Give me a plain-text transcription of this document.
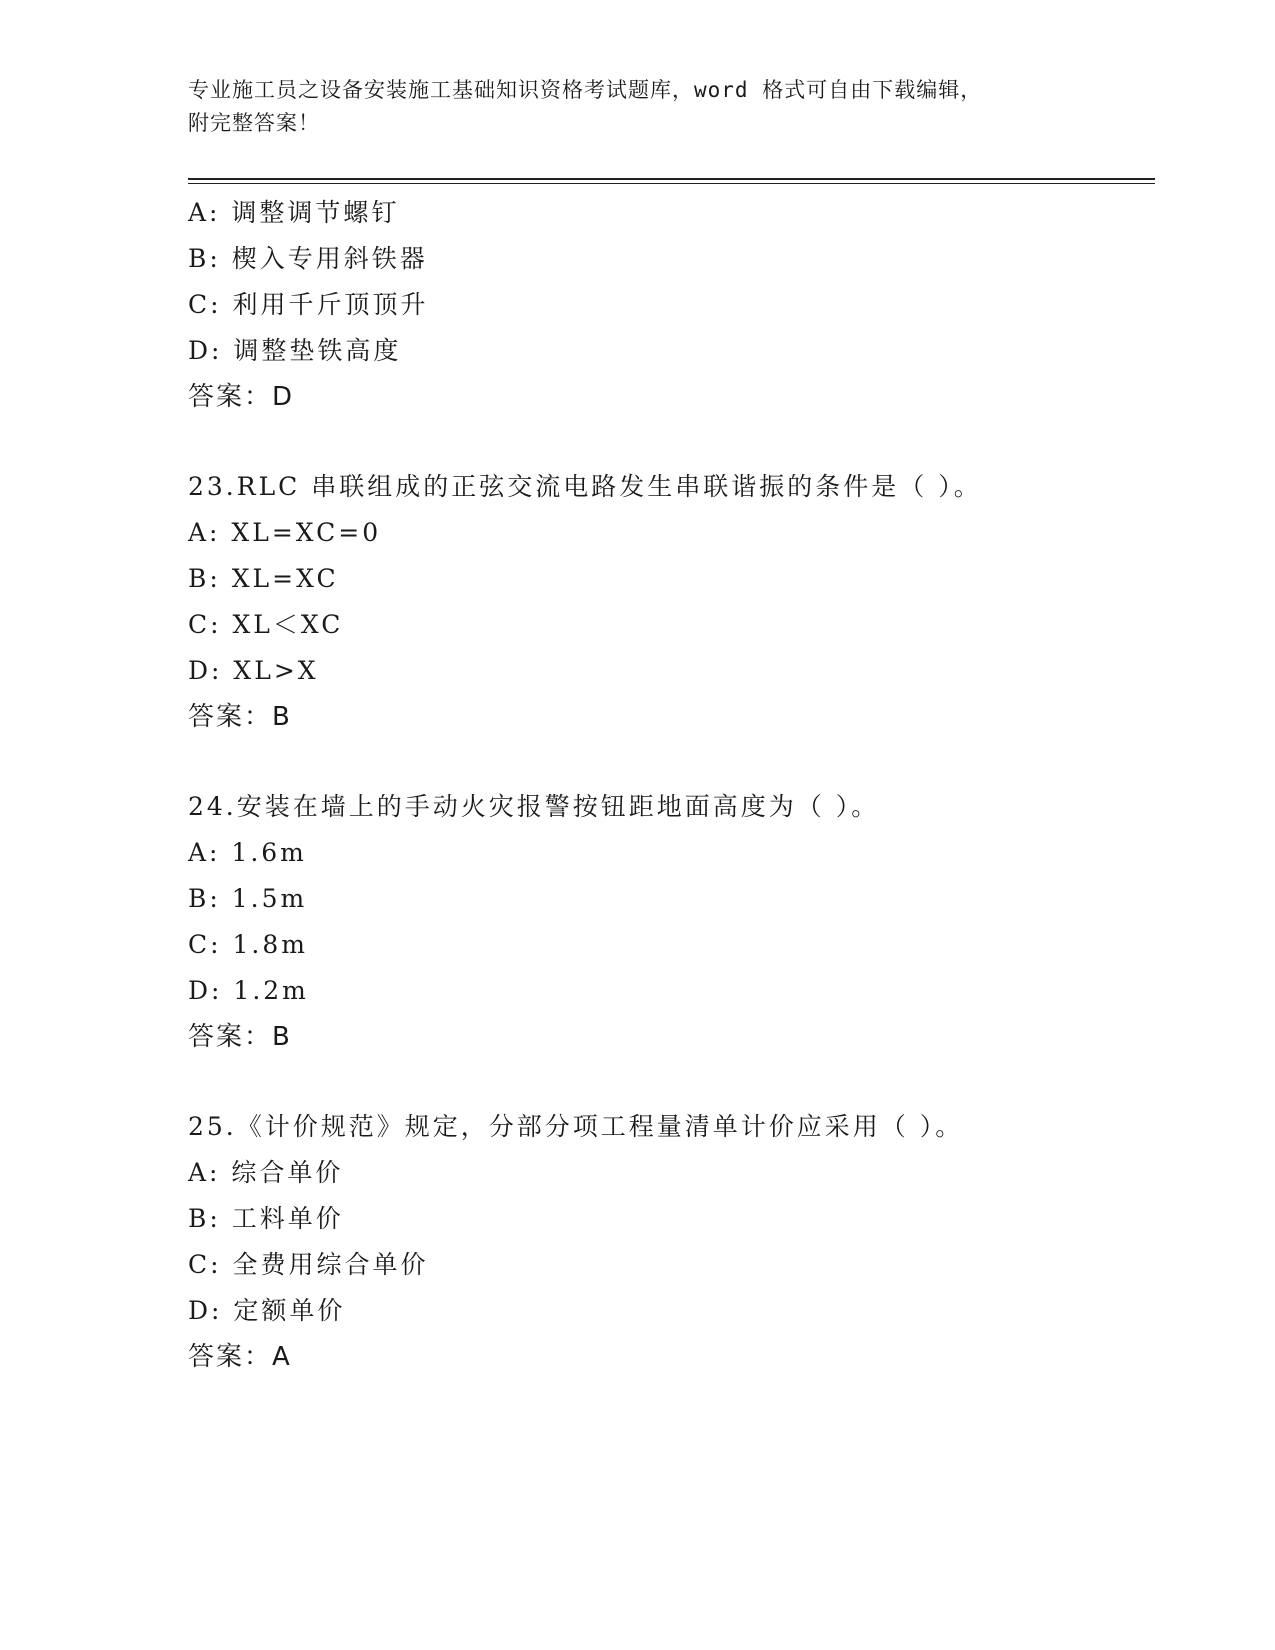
专业施工员之设备安装施工基础知识资格考试题库，word 格式可自由下载编辑，
附完整答案！
A: 调整调节螺钉
B: 楔入专用斜铁器
C: 利用千斤顶顶升
D: 调整垫铁高度
答案：D
23.RLC 串联组成的正弦交流电路发生串联谐振的条件是（ ）。
A: XL=XC=0
B: XL=XC
C: XL＜XC
D: XL>X
答案：B
24.安装在墙上的手动火灾报警按钮距地面高度为（ ）。
A: 1.6m
B: 1.5m
C: 1.8m
D: 1.2m
答案：B
25.《计价规范》规定，分部分项工程量清单计价应采用（ ）。
A: 综合单价
B: 工料单价
C: 全费用综合单价
D: 定额单价
答案：A
